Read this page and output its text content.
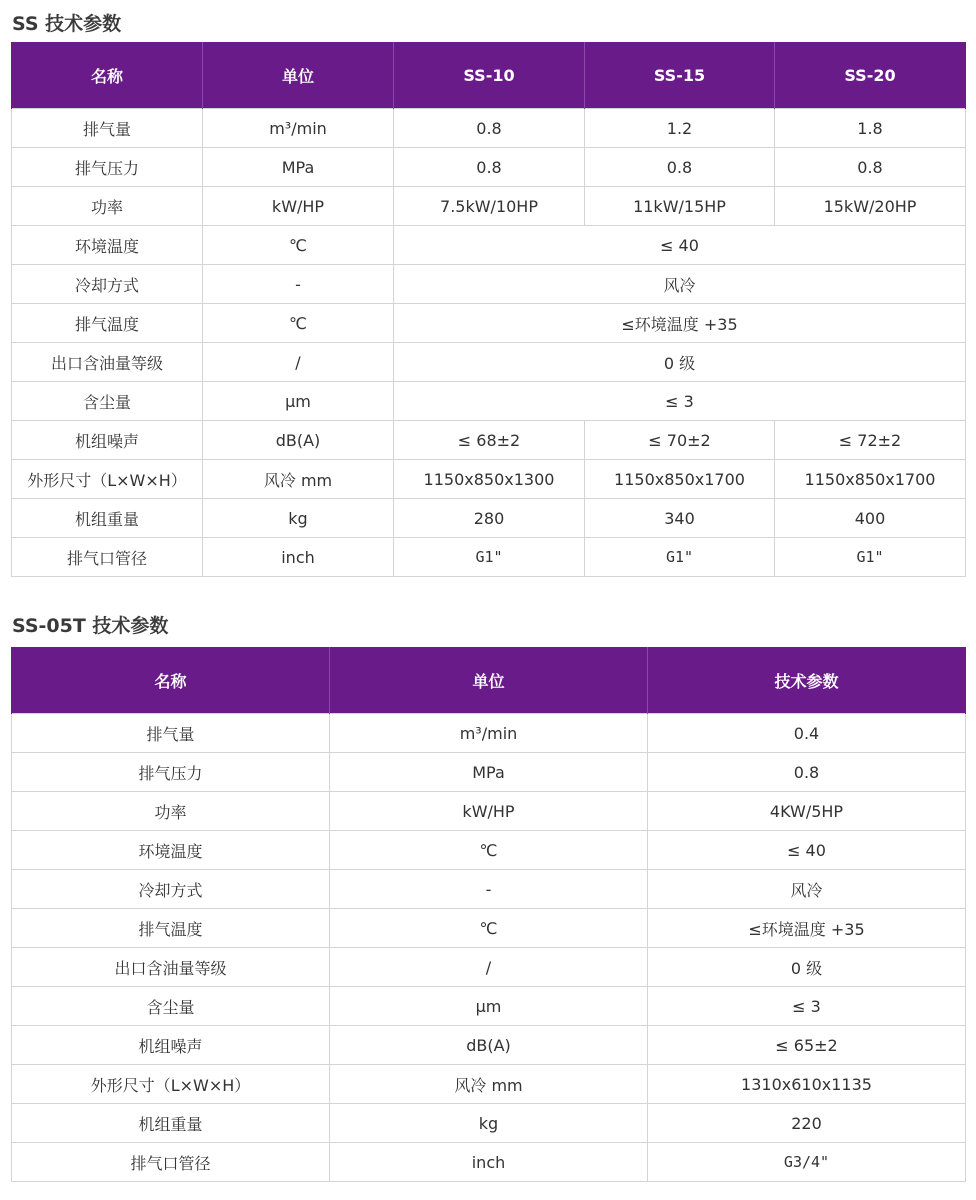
SS 技术参数
名称	单位	SS-10	SS-15	SS-20
排气量	m³/min	0.8	1.2	1.8
排气压力	MPa	0.8	0.8	0.8
功率	kW/HP	7.5kW/10HP	11kW/15HP	15kW/20HP
环境温度	℃	≤ 40		
冷却方式	-	风冷		
排气温度	℃	≤环境温度 +35		
出口含油量等级	/	0 级		
含尘量	μm	≤ 3		
机组噪声	dB(A)	≤ 68±2	≤ 70±2	≤ 72±2
外形尺寸（L×W×H）	风冷 mm	1150x850x1300	1150x850x1700	1150x850x1700
机组重量	kg	280	340	400
排气口管径	inch	G1"	G1"	G1"
SS-05T 技术参数
名称	单位	技术参数
排气量	m³/min	0.4
排气压力	MPa	0.8
功率	kW/HP	4KW/5HP
环境温度	℃	≤ 40
冷却方式	-	风冷
排气温度	℃	≤环境温度 +35
出口含油量等级	/	0 级
含尘量	μm	≤ 3
机组噪声	dB(A)	≤ 65±2
外形尺寸（L×W×H）	风冷 mm	1310x610x1135
机组重量	kg	220
排气口管径	inch	G3/4"
